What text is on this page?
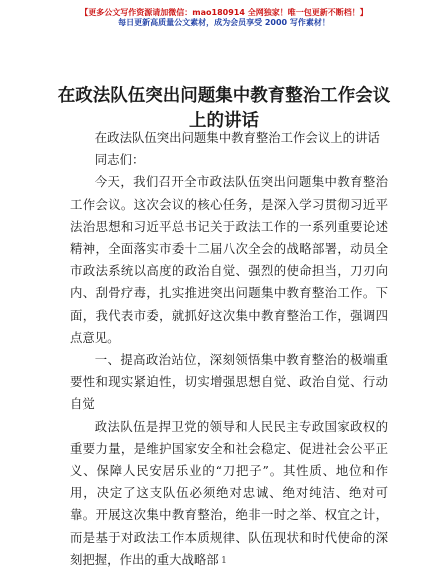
【更多公文写作资源请加微信：mao180914 全网独家！唯一包更新不断档！】
每日更新高质量公文素材，成为会员享受 2000 写作素材！
在政法队伍突出问题集中教育整治工作会议上的讲话

在政法队伍突出问题集中教育整治工作会议上的讲话

同志们：

今天，我们召开全市政法队伍突出问题集中教育整治工作会议。这次会议的核心任务，是深入学习贯彻习近平法治思想和习近平总书记关于政法工作的一系列重要论述精神，全面落实市委十二届八次全会的战略部署，动员全市政法系统以高度的政治自觉、强烈的使命担当，刀刃向内、刮骨疗毒，扎实推进突出问题集中教育整治工作。下面，我代表市委，就抓好这次集中教育整治工作，强调四点意见。

一、提高政治站位，深刻领悟集中教育整治的极端重要性和现实紧迫性，切实增强思想自觉、政治自觉、行动自觉

政法队伍是捍卫党的领导和人民民主专政国家政权的重要力量，是维护国家安全和社会稳定、促进社会公平正义、保障人民安居乐业的“刀把子”。其性质、地位和作用，决定了这支队伍必须绝对忠诚、绝对纯洁、绝对可靠。开展这次集中教育整治，绝非一时之举、权宜之计，而是基于对政法工作本质规律、队伍现状和时代使命的深刻把握，作出的重大战略部 1
